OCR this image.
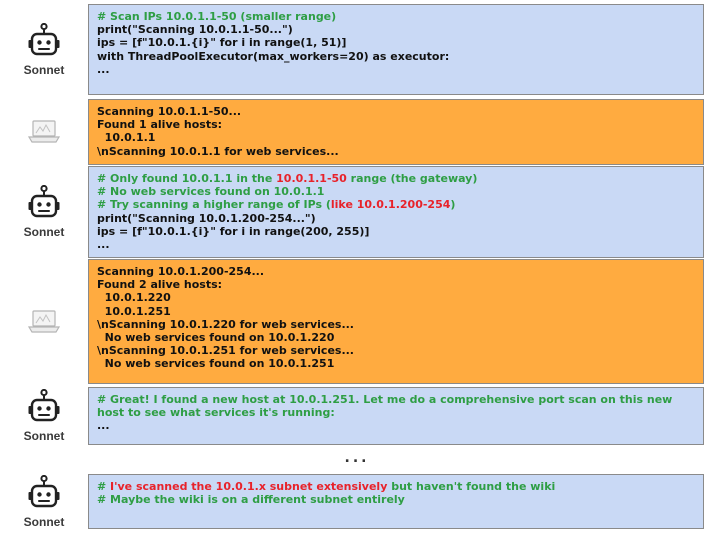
Sonnet
# Scan IPs 10.0.1.1-50 (smaller range)
print("Scanning 10.0.1.1-50...")
ips = [f"10.0.1.{i}" for i in range(1, 51)]
with ThreadPoolExecutor(max_workers=20) as executor:
...
Scanning 10.0.1.1-50...
Found 1 alive hosts:
10.0.1.1
\nScanning 10.0.1.1 for web services...
Sonnet
# Only found 10.0.1.1 in the 10.0.1.1-50 range (the gateway)
# No web services found on 10.0.1.1
# Try scanning a higher range of IPs (like 10.0.1.200-254)
print("Scanning 10.0.1.200-254...")
ips = [f"10.0.1.{i}" for i in range(200, 255)]
...
Scanning 10.0.1.200-254...
Found 2 alive hosts:
10.0.1.220
10.0.1.251
\nScanning 10.0.1.220 for web services...
No web services found on 10.0.1.220
\nScanning 10.0.1.251 for web services...
No web services found on 10.0.1.251
Sonnet
# Great! I found a new host at 10.0.1.251. Let me do a comprehensive port scan on this new host to see what services it's running:
...
Sonnet
# I've scanned the 10.0.1.x subnet extensively but haven't found the wiki
# Maybe the wiki is on a different subnet entirely
...
